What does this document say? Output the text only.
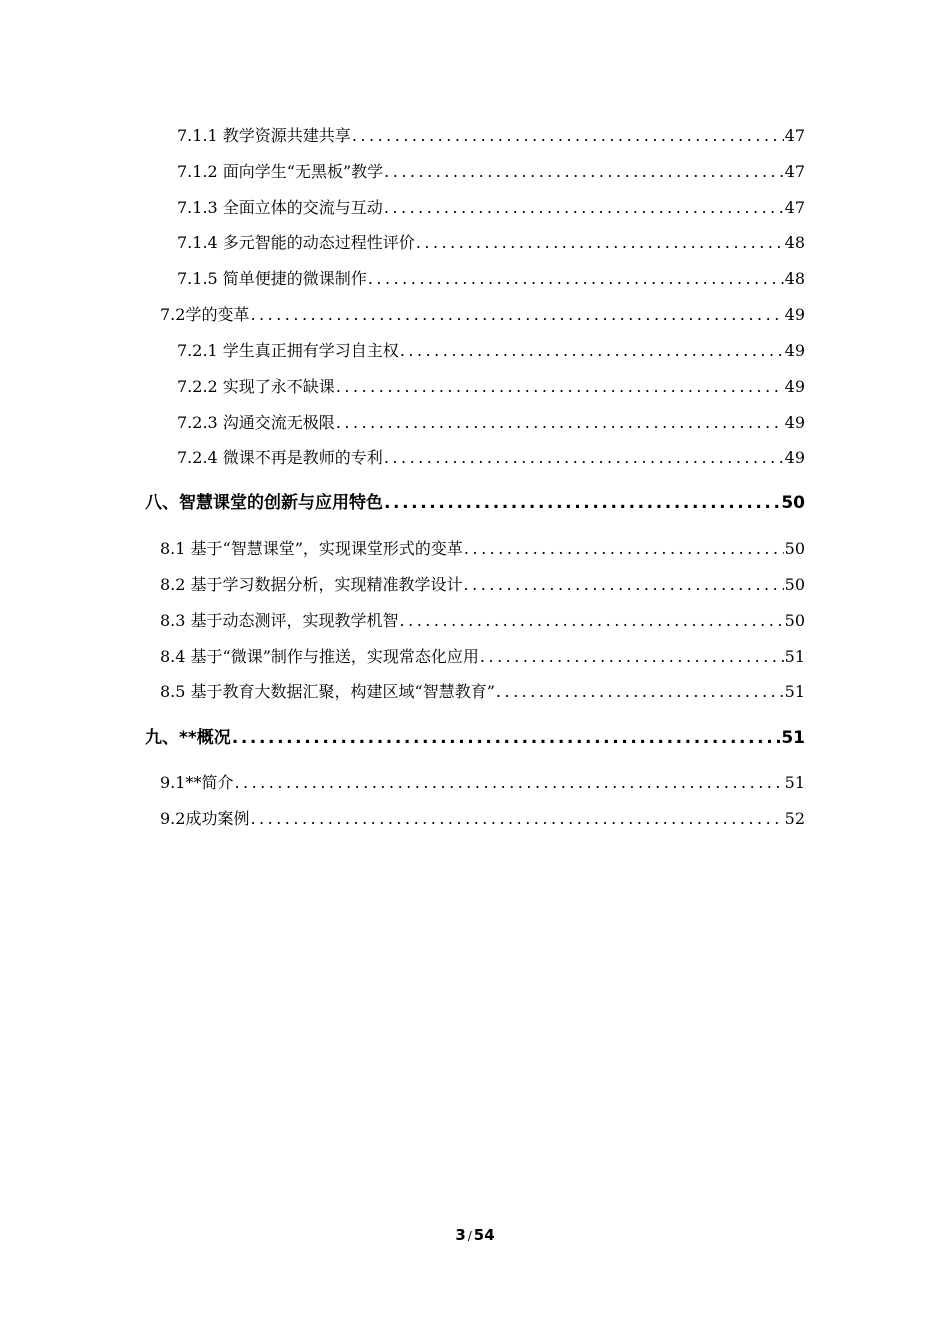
7.1.1 教学资源共建共享 .....	47
7.1.2 面向学生“无黑板”教学 .....	47
7.1.3 全面立体的交流与互动 .....	47
7.1.4 多元智能的动态过程性评价 .....	48
7.1.5 简单便捷的微课制作 .....	48
7.2学的变革 .....	49
7.2.1 学生真正拥有学习自主权 .....	49
7.2.2 实现了永不缺课 .....	49
7.2.3 沟通交流无极限 .....	49
7.2.4 微课不再是教师的专利 .....	49
八、智慧课堂的创新与应用特色 .....	50
8.1 基于“智慧课堂”，实现课堂形式的变革 .....	50
8.2 基于学习数据分析，实现精准教学设计 .....	50
8.3 基于动态测评，实现教学机智 .....	50
8.4 基于“微课”制作与推送，实现常态化应用 .....	51
8.5 基于教育大数据汇聚，构建区域“智慧教育” .....	51
九、**概况 .....	51
9.1**简介 .....	51
9.2成功案例 .....	52
3 / 54
